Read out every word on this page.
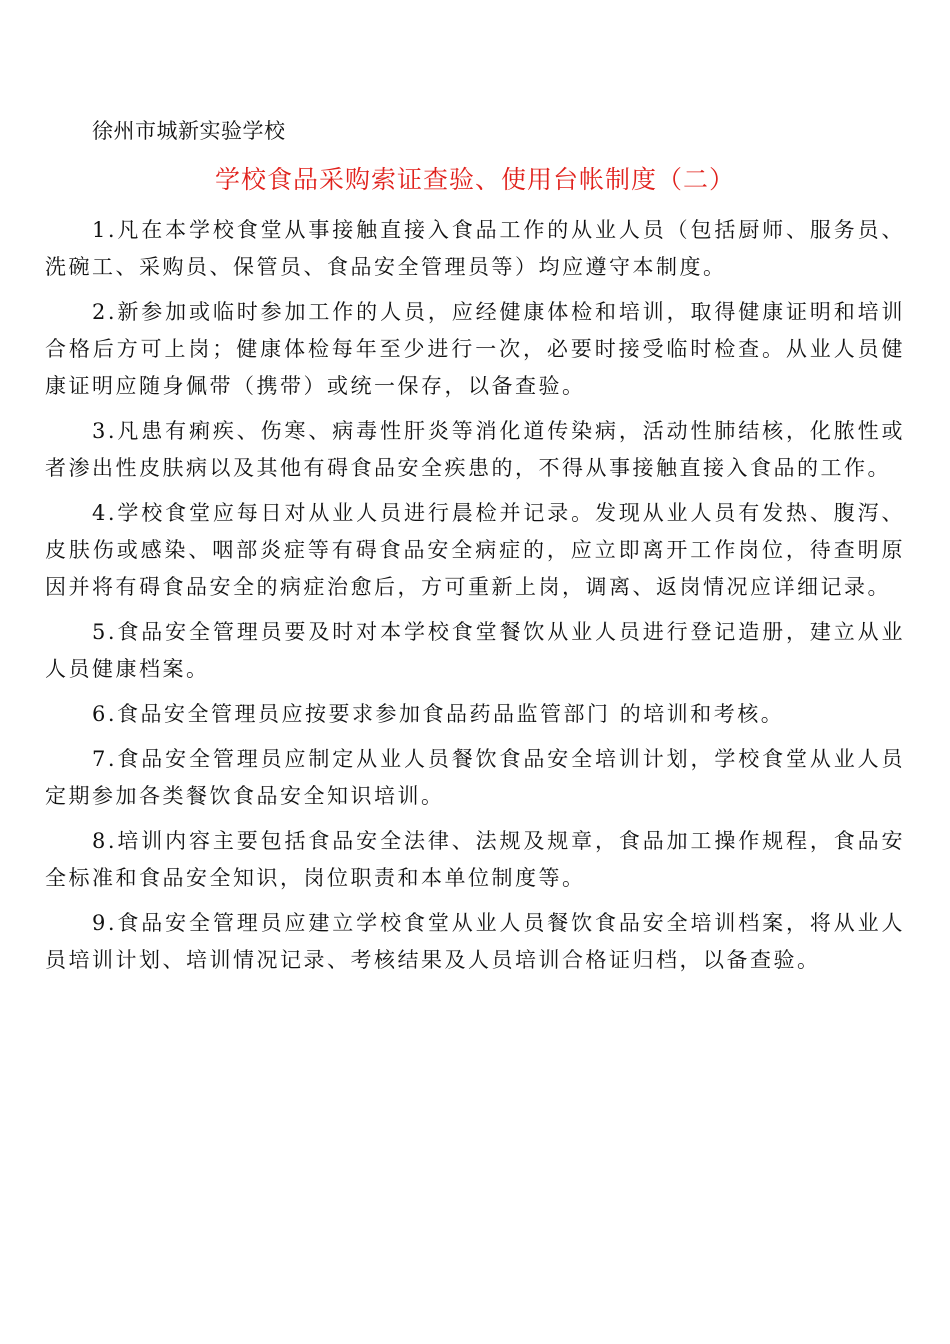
徐州市城新实验学校
学校食品采购索证查验、使用台帐制度（二）

1.凡在本学校食堂从事接触直接入食品工作的从业人员（包括厨师、服务员、洗碗工、采购员、保管员、食品安全管理员等）均应遵守本制度。

2.新参加或临时参加工作的人员，应经健康体检和培训，取得健康证明和培训合格后方可上岗；健康体检每年至少进行一次，必要时接受临时检查。从业人员健康证明应随身佩带（携带）或统一保存，以备查验。

3.凡患有痢疾、伤寒、病毒性肝炎等消化道传染病，活动性肺结核，化脓性或者渗出性皮肤病以及其他有碍食品安全疾患的，不得从事接触直接入食品的工作。

4.学校食堂应每日对从业人员进行晨检并记录。发现从业人员有发热、腹泻、皮肤伤或感染、咽部炎症等有碍食品安全病症的，应立即离开工作岗位，待查明原因并将有碍食品安全的病症治愈后，方可重新上岗，调离、返岗情况应详细记录。

5.食品安全管理员要及时对本学校食堂餐饮从业人员进行登记造册，建立从业人员健康档案。

6.食品安全管理员应按要求参加食品药品监管部门 的培训和考核。

7.食品安全管理员应制定从业人员餐饮食品安全培训计划，学校食堂从业人员定期参加各类餐饮食品安全知识培训。

8.培训内容主要包括食品安全法律、法规及规章，食品加工操作规程，食品安全标准和食品安全知识，岗位职责和本单位制度等。

9.食品安全管理员应建立学校食堂从业人员餐饮食品安全培训档案，将从业人员培训计划、培训情况记录、考核结果及人员培训合格证归档，以备查验。
